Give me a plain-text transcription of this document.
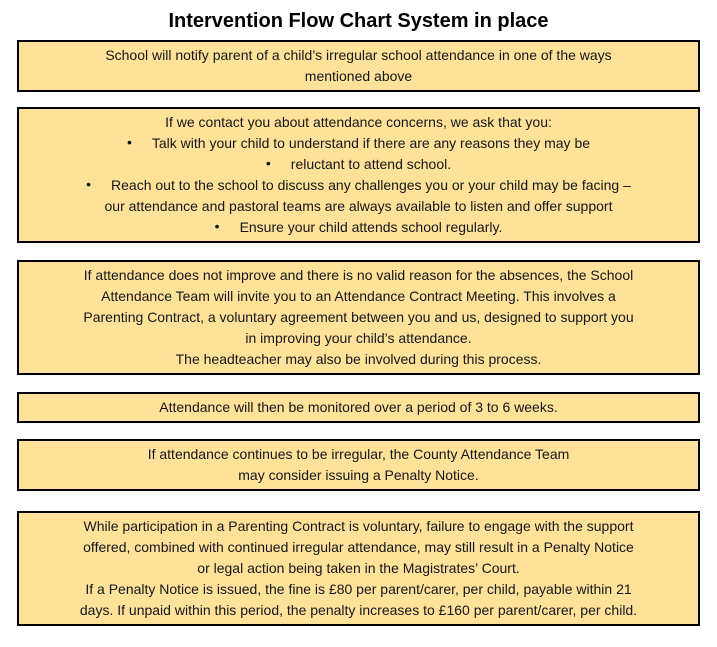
Intervention Flow Chart System in place
School will notify parent of a child’s irregular school attendance in one of the ways
mentioned above
If we contact you about attendance concerns, we ask that you:
• Talk with your child to understand if there are any reasons they may be
• reluctant to attend school.
• Reach out to the school to discuss any challenges you or your child may be facing –
our attendance and pastoral teams are always available to listen and offer support
• Ensure your child attends school regularly.
If attendance does not improve and there is no valid reason for the absences, the School
Attendance Team will invite you to an Attendance Contract Meeting. This involves a
Parenting Contract, a voluntary agreement between you and us, designed to support you
in improving your child’s attendance.
The headteacher may also be involved during this process.
Attendance will then be monitored over a period of 3 to 6 weeks.
If attendance continues to be irregular, the County Attendance Team
may consider issuing a Penalty Notice.
While participation in a Parenting Contract is voluntary, failure to engage with the support
offered, combined with continued irregular attendance, may still result in a Penalty Notice
or legal action being taken in the Magistrates’ Court.
If a Penalty Notice is issued, the fine is £80 per parent/carer, per child, payable within 21
days. If unpaid within this period, the penalty increases to £160 per parent/carer, per child.
